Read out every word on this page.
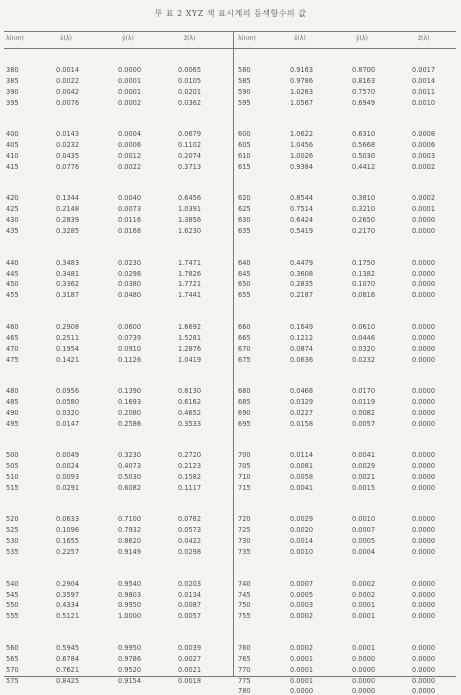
부 표 2 XYZ 색 표시계의 등색함수의 값
λ(nm)	x̄(λ)	ȳ(λ)	z̄(λ)
380	0.0014	0.0000	0.0065
385	0.0022	0.0001	0.0105
390	0.0042	0.0001	0.0201
395	0.0076	0.0002	0.0362
400	0.0143	0.0004	0.0679
405	0.0232	0.0006	0.1102
410	0.0435	0.0012	0.2074
415	0.0776	0.0022	0.3713
420	0.1344	0.0040	0.6456
425	0.2148	0.0073	1.0391
430	0.2839	0.0116	1.3856
435	0.3285	0.0168	1.6230
440	0.3483	0.0230	1.7471
445	0.3481	0.0298	1.7826
450	0.3362	0.0380	1.7721
455	0.3187	0.0480	1.7441
460	0.2908	0.0600	1.6692
465	0.2511	0.0739	1.5281
470	0.1954	0.0910	1.2876
475	0.1421	0.1126	1.0419
480	0.0956	0.1390	0.8130
485	0.0580	0.1693	0.6162
490	0.0320	0.2080	0.4652
495	0.0147	0.2586	0.3533
500	0.0049	0.3230	0.2720
505	0.0024	0.4073	0.2123
510	0.0093	0.5030	0.1582
515	0.0291	0.6082	0.1117
520	0.0633	0.7100	0.0782
525	0.1096	0.7932	0.0573
530	0.1655	0.8620	0.0422
535	0.2257	0.9149	0.0298
540	0.2904	0.9540	0.0203
545	0.3597	0.9803	0.0134
550	0.4334	0.9950	0.0087
555	0.5121	1.0000	0.0057
560	0.5945	0.9950	0.0039
565	0.6784	0.9786	0.0027
570	0.7621	0.9520	0.0021
575	0.8425	0.9154	0.0018
λ(nm)	x̄(λ)	ȳ(λ)	z̄(λ)
580	0.9163	0.8700	0.0017
585	0.9786	0.8163	0.0014
590	1.0263	0.7570	0.0011
595	1.0567	0.6949	0.0010
600	1.0622	0.6310	0.0008
605	1.0456	0.5668	0.0006
610	1.0026	0.5030	0.0003
615	0.9384	0.4412	0.0002
620	0.8544	0.3810	0.0002
625	0.7514	0.3210	0.0001
630	0.6424	0.2650	0.0000
635	0.5419	0.2170	0.0000
640	0.4479	0.1750	0.0000
645	0.3608	0.1382	0.0000
650	0.2835	0.1070	0.0000
655	0.2187	0.0816	0.0000
660	0.1649	0.0610	0.0000
665	0.1212	0.0446	0.0000
670	0.0874	0.0320	0.0000
675	0.0636	0.0232	0.0000
680	0.0468	0.0170	0.0000
685	0.0329	0.0119	0.0000
690	0.0227	0.0082	0.0000
695	0.0158	0.0057	0.0000
700	0.0114	0.0041	0.0000
705	0.0081	0.0029	0.0000
710	0.0058	0.0021	0.0000
715	0.0041	0.0015	0.0000
720	0.0029	0.0010	0.0000
725	0.0020	0.0007	0.0000
730	0.0014	0.0005	0.0000
735	0.0010	0.0004	0.0000
740	0.0007	0.0002	0.0000
745	0.0005	0.0002	0.0000
750	0.0003	0.0001	0.0000
755	0.0002	0.0001	0.0000
760	0.0002	0.0001	0.0000
765	0.0001	0.0000	0.0000
770	0.0001	0.0000	0.0000
775	0.0001	0.0000	0.0000
780	0.0000	0.0000	0.0000
